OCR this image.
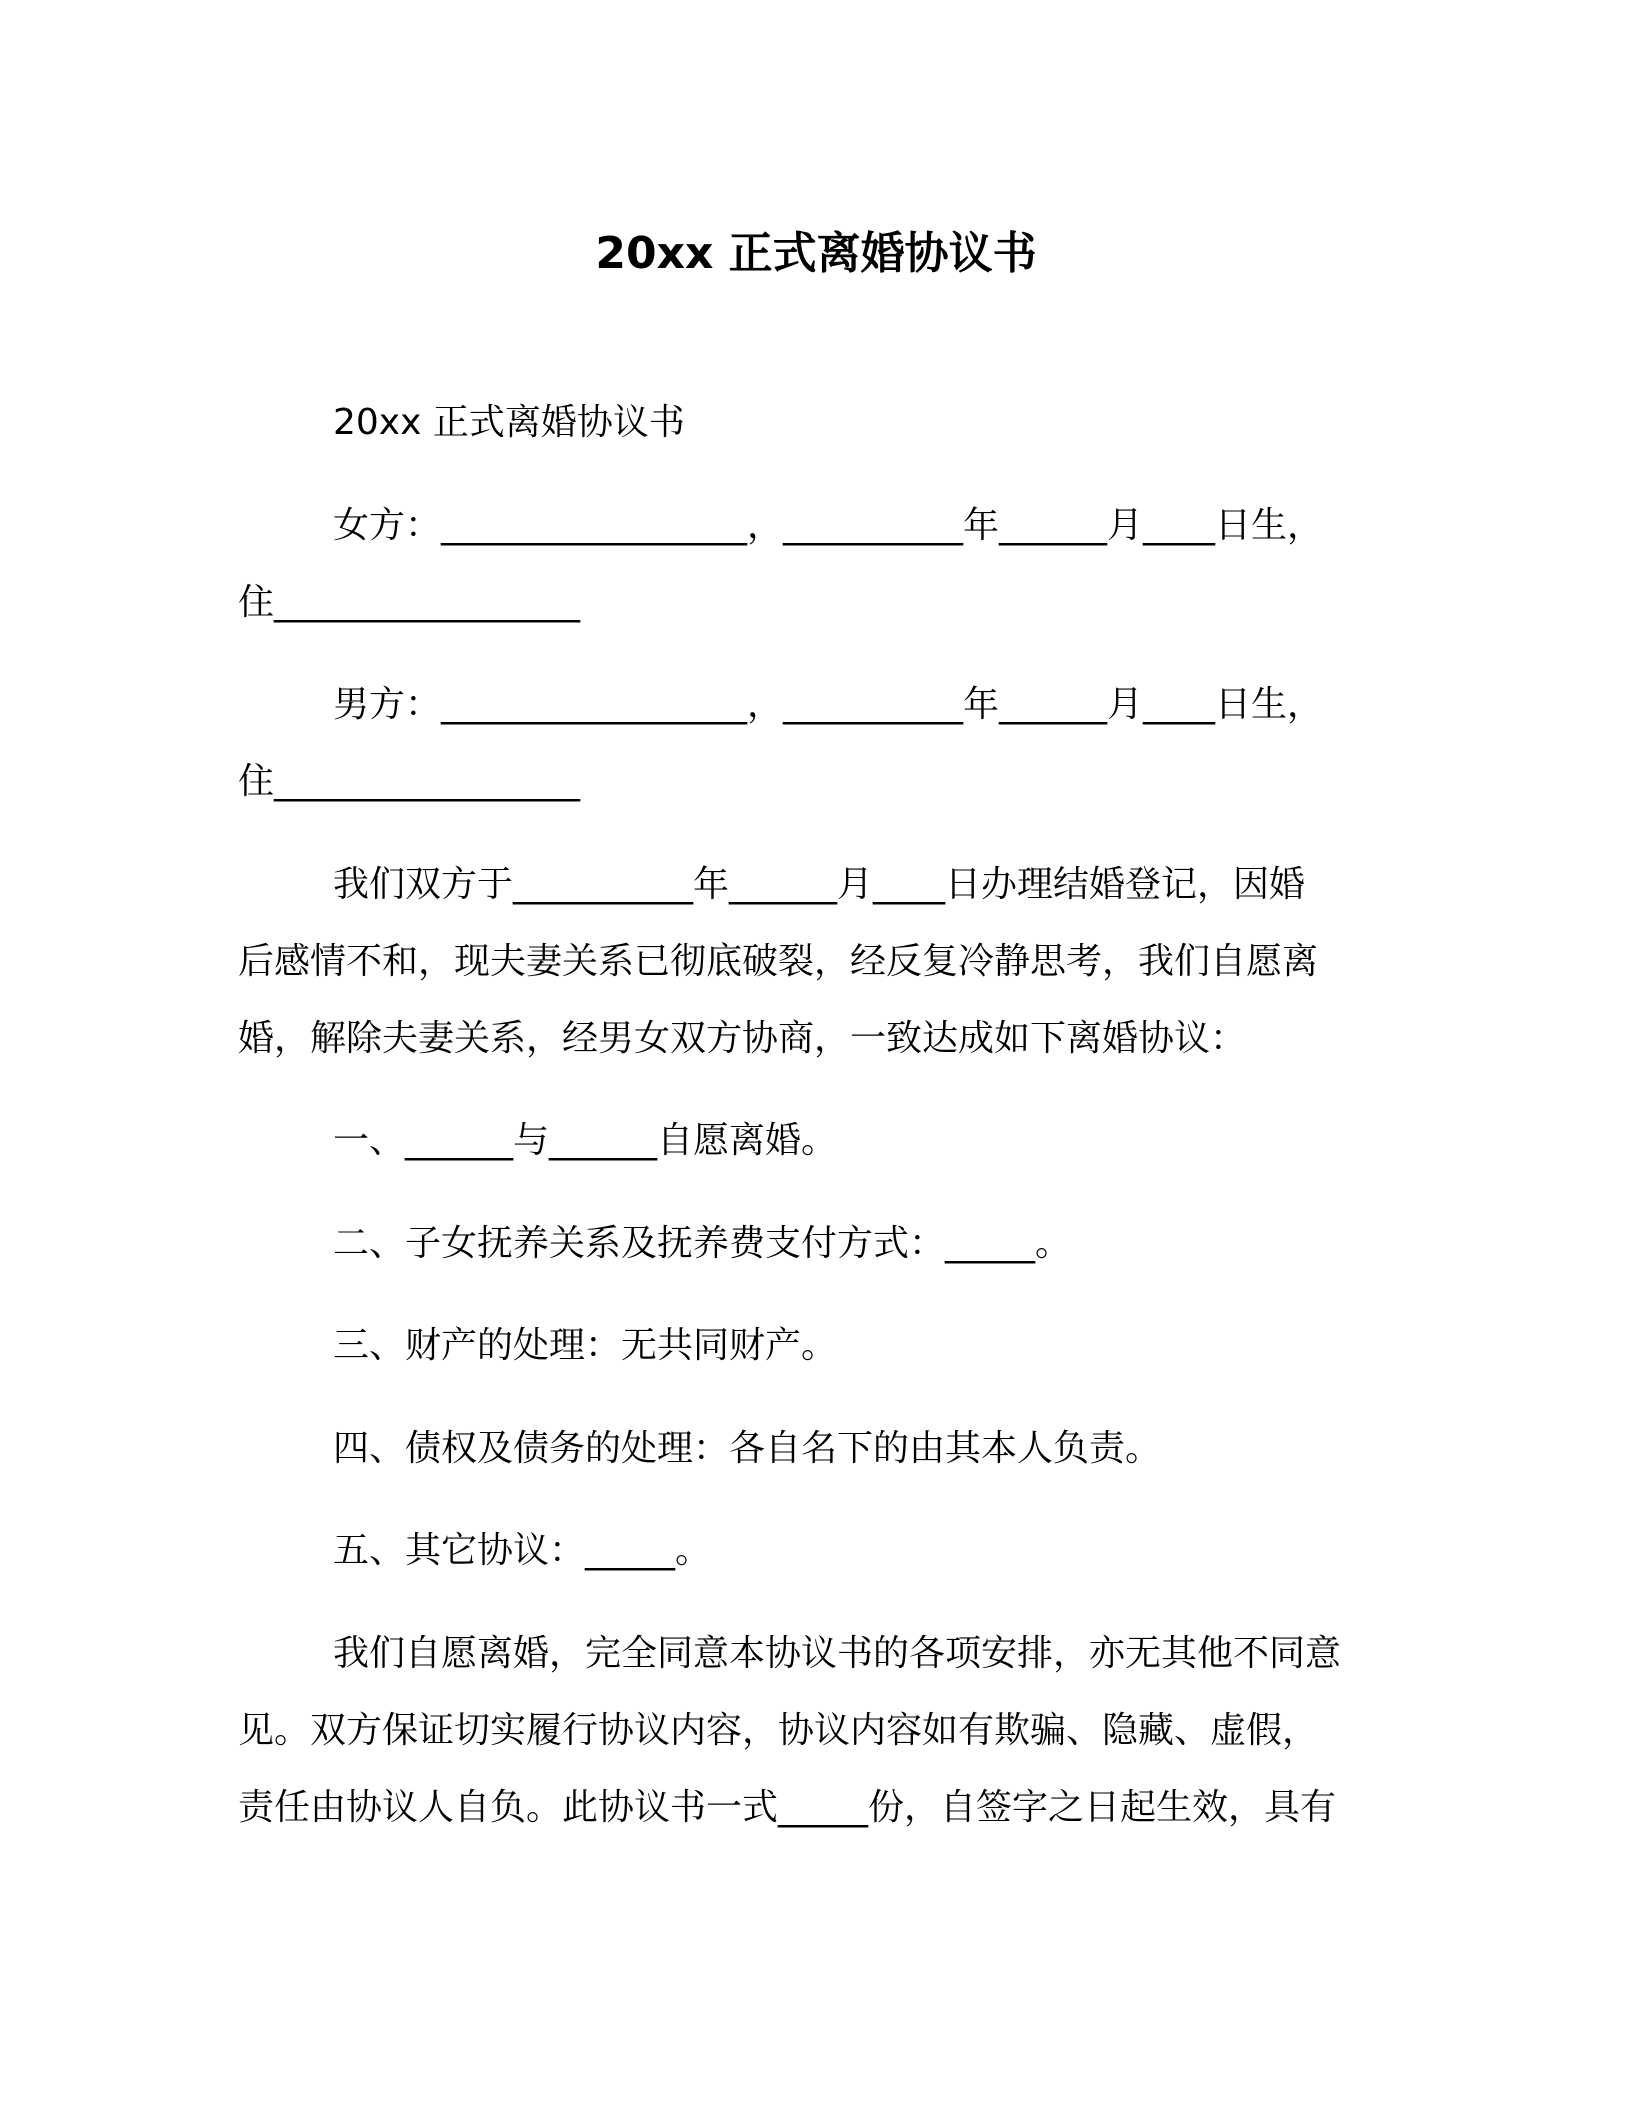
20xx 正式离婚协议书
20xx 正式离婚协议书
女方：_________________，__________年______月____日生，
住_________________
男方：_________________，__________年______月____日生，
住_________________
我们双方于__________年______月____日办理结婚登记，因婚
后感情不和，现夫妻关系已彻底破裂，经反复冷静思考，我们自愿离
婚，解除夫妻关系，经男女双方协商，一致达成如下离婚协议：
一、______与______自愿离婚。
二、子女抚养关系及抚养费支付方式：_____。
三、财产的处理：无共同财产。
四、债权及债务的处理：各自名下的由其本人负责。
五、其它协议：_____。
我们自愿离婚，完全同意本协议书的各项安排，亦无其他不同意
见。双方保证切实履行协议内容，协议内容如有欺骗、隐藏、虚假，
责任由协议人自负。此协议书一式_____份，自签字之日起生效，具有
